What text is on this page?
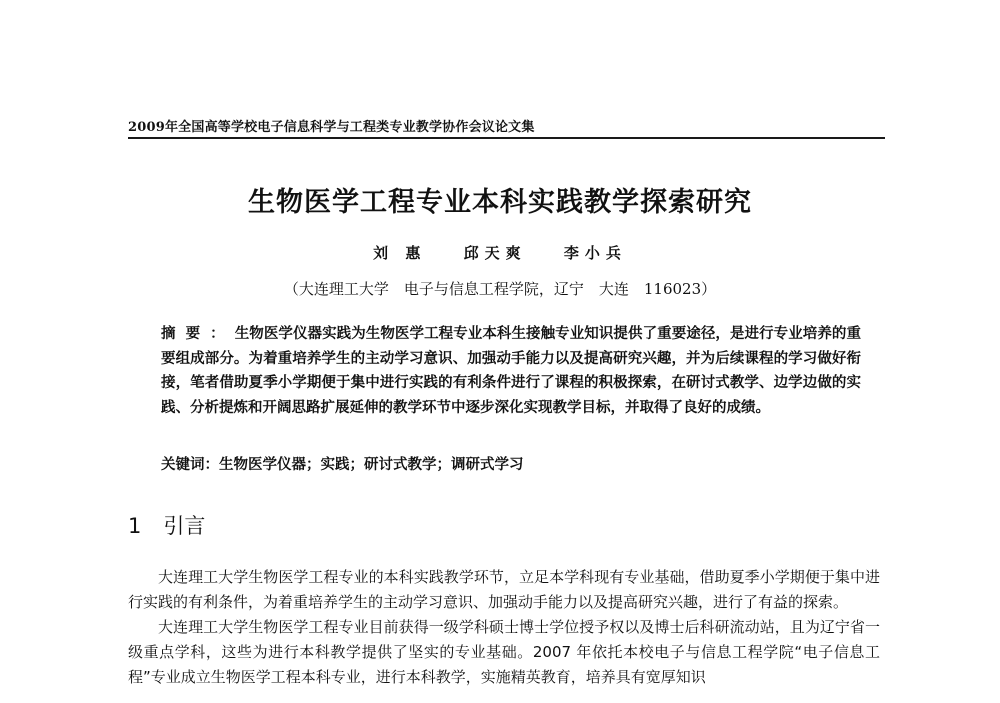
2009年全国高等学校电子信息科学与工程类专业教学协作会议论文集
生物医学工程专业本科实践教学探索研究
刘 惠 邱天爽 李小兵
（大连理工大学　电子与信息工程学院，辽宁　大连　116023）
摘要：生物医学仪器实践为生物医学工程专业本科生接触专业知识提供了重要途径，是进行专业培养的重要组成部分。为着重培养学生的主动学习意识、加强动手能力以及提高研究兴趣，并为后续课程的学习做好衔接，笔者借助夏季小学期便于集中进行实践的有利条件进行了课程的积极探索，在研讨式教学、边学边做的实践、分析提炼和开阔思路扩展延伸的教学环节中逐步深化实现教学目标，并取得了良好的成绩。
关键词：生物医学仪器；实践；研讨式教学；调研式学习
1 引言

大连理工大学生物医学工程专业的本科实践教学环节，立足本学科现有专业基础，借助夏季小学期便于集中进行实践的有利条件，为着重培养学生的主动学习意识、加强动手能力以及提高研究兴趣，进行了有益的探索。

大连理工大学生物医学工程专业目前获得一级学科硕士博士学位授予权以及博士后科研流动站，且为辽宁省一级重点学科，这些为进行本科教学提供了坚实的专业基础。2007 年依托本校电子与信息工程学院“电子信息工程”专业成立生物医学工程本科专业，进行本科教学，实施精英教育，培养具有宽厚知识
